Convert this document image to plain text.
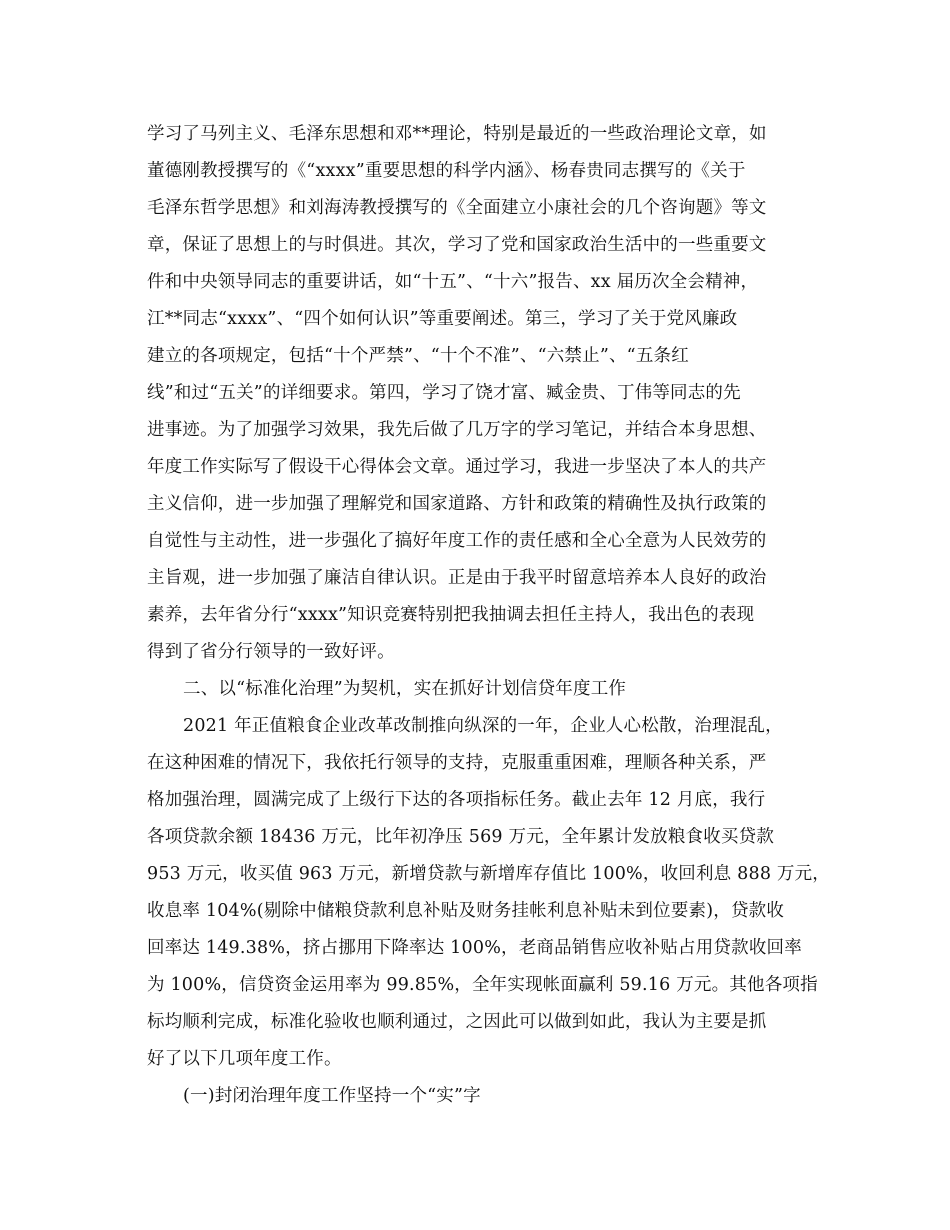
学习了马列主义、毛泽东思想和邓**理论，特别是最近的一些政治理论文章，如
董德刚教授撰写的《“xxxx”重要思想的科学内涵》、杨春贵同志撰写的《关于
毛泽东哲学思想》和刘海涛教授撰写的《全面建立小康社会的几个咨询题》等文
章，保证了思想上的与时俱进。其次，学习了党和国家政治生活中的一些重要文
件和中央领导同志的重要讲话，如“十五”、“十六”报告、xx 届历次全会精神，
江**同志“xxxx”、“四个如何认识”等重要阐述。第三，学习了关于党风廉政
建立的各项规定，包括“十个严禁”、“十个不准”、“六禁止”、“五条红
线”和过“五关”的详细要求。第四，学习了饶才富、臧金贵、丁伟等同志的先
进事迹。为了加强学习效果，我先后做了几万字的学习笔记，并结合本身思想、
年度工作实际写了假设干心得体会文章。通过学习，我进一步坚决了本人的共产
主义信仰，进一步加强了理解党和国家道路、方针和政策的精确性及执行政策的
自觉性与主动性，进一步强化了搞好年度工作的责任感和全心全意为人民效劳的
主旨观，进一步加强了廉洁自律认识。正是由于我平时留意培养本人良好的政治
素养，去年省分行“xxxx”知识竞赛特别把我抽调去担任主持人，我出色的表现
得到了省分行领导的一致好评。
二、以“标准化治理”为契机，实在抓好计划信贷年度工作
2021 年正值粮食企业改革改制推向纵深的一年，企业人心松散，治理混乱，
在这种困难的情况下，我依托行领导的支持，克服重重困难，理顺各种关系，严
格加强治理，圆满完成了上级行下达的各项指标任务。截止去年 12 月底，我行
各项贷款余额 18436 万元，比年初净压 569 万元，全年累计发放粮食收买贷款
953 万元，收买值 963 万元，新增贷款与新增库存值比 100%，收回利息 888 万元，
收息率 104%(剔除中储粮贷款利息补贴及财务挂帐利息补贴未到位要素)，贷款收
回率达 149.38%，挤占挪用下降率达 100%，老商品销售应收补贴占用贷款收回率
为 100%，信贷资金运用率为 99.85%，全年实现帐面赢利 59.16 万元。其他各项指
标均顺利完成，标准化验收也顺利通过，之因此可以做到如此，我认为主要是抓
好了以下几项年度工作。
(一)封闭治理年度工作坚持一个“实”字
